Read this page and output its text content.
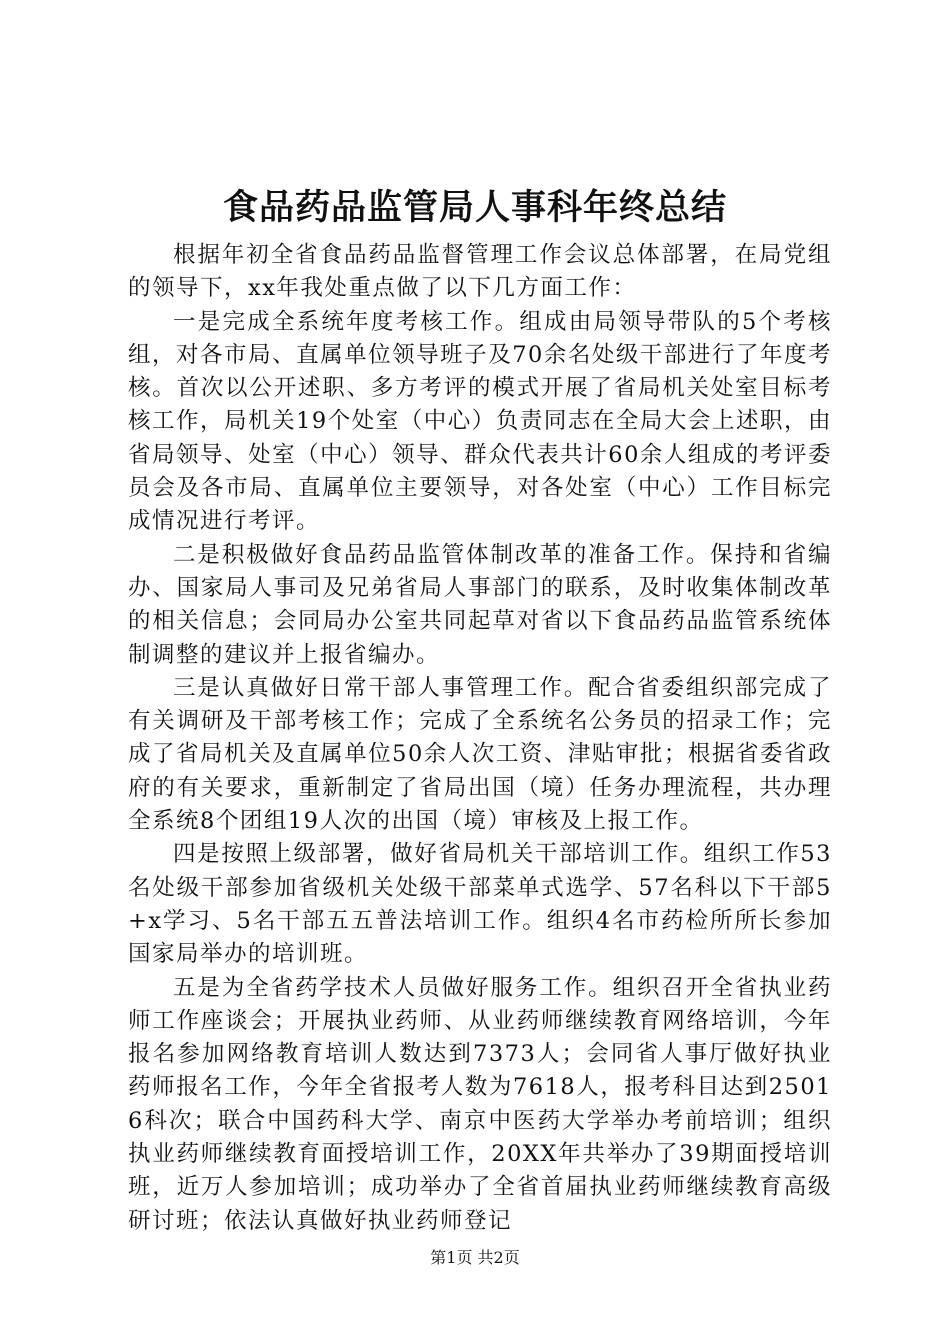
食品药品监管局人事科年终总结

根据年初全省食品药品监督管理工作会议总体部署，在局党组的领导下，xx年我处重点做了以下几方面工作：

一是完成全系统年度考核工作。组成由局领导带队的5个考核组，对各市局、直属单位领导班子及70余名处级干部进行了年度考核。首次以公开述职、多方考评的模式开展了省局机关处室目标考核工作，局机关19个处室（中心）负责同志在全局大会上述职，由省局领导、处室（中心）领导、群众代表共计60余人组成的考评委员会及各市局、直属单位主要领导，对各处室（中心）工作目标完成情况进行考评。

二是积极做好食品药品监管体制改革的准备工作。保持和省编办、国家局人事司及兄弟省局人事部门的联系，及时收集体制改革的相关信息；会同局办公室共同起草对省以下食品药品监管系统体制调整的建议并上报省编办。

三是认真做好日常干部人事管理工作。配合省委组织部完成了有关调研及干部考核工作；完成了全系统名公务员的招录工作；完成了省局机关及直属单位50余人次工资、津贴审批；根据省委省政府的有关要求，重新制定了省局出国（境）任务办理流程，共办理全系统8个团组19人次的出国（境）审核及上报工作。

四是按照上级部署，做好省局机关干部培训工作。组织工作53名处级干部参加省级机关处级干部菜单式选学、57名科以下干部5+x学习、5名干部五五普法培训工作。组织4名市药检所所长参加国家局举办的培训班。

五是为全省药学技术人员做好服务工作。组织召开全省执业药师工作座谈会；开展执业药师、从业药师继续教育网络培训，今年报名参加网络教育培训人数达到7373人；会同省人事厅做好执业药师报名工作，今年全省报考人数为7618人，报考科目达到25016科次；联合中国药科大学、南京中医药大学举办考前培训；组织执业药师继续教育面授培训工作，20XX年共举办了39期面授培训班，近万人参加培训；成功举办了全省首届执业药师继续教育高级研讨班；依法认真做好执业药师登记

第1页 共2页
